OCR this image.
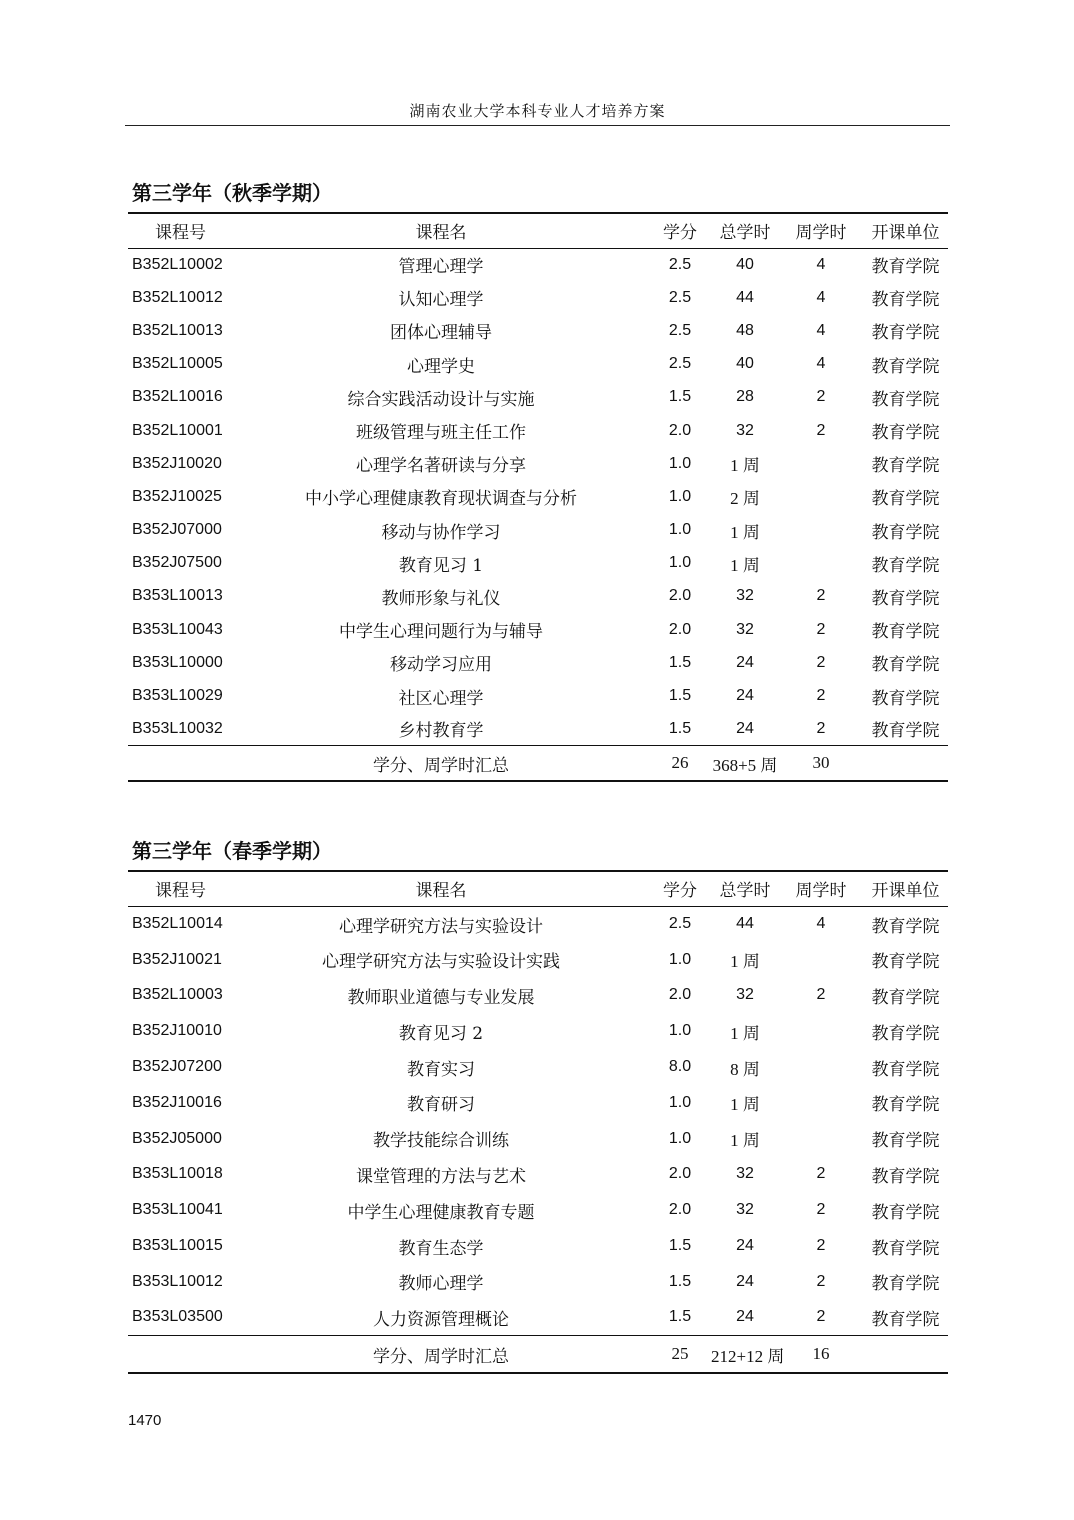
湖南农业大学本科专业人才培养方案
第三学年（秋季学期）
课程号	课程名	学分	总学时	周学时	开课单位
B352L10002	管理心理学	2.5	40	4	教育学院
B352L10012	认知心理学	2.5	44	4	教育学院
B352L10013	团体心理辅导	2.5	48	4	教育学院
B352L10005	心理学史	2.5	40	4	教育学院
B352L10016	综合实践活动设计与实施	1.5	28	2	教育学院
B352L10001	班级管理与班主任工作	2.0	32	2	教育学院
B352J10020	心理学名著研读与分享	1.0	1 周		教育学院
B352J10025	中小学心理健康教育现状调查与分析	1.0	2 周		教育学院
B352J07000	移动与协作学习	1.0	1 周		教育学院
B352J07500	教育见习 1	1.0	1 周		教育学院
B353L10013	教师形象与礼仪	2.0	32	2	教育学院
B353L10043	中学生心理问题行为与辅导	2.0	32	2	教育学院
B353L10000	移动学习应用	1.5	24	2	教育学院
B353L10029	社区心理学	1.5	24	2	教育学院
B353L10032	乡村教育学	1.5	24	2	教育学院
	学分、周学时汇总	26	368+5 周	30	
第三学年（春季学期）
课程号	课程名	学分	总学时	周学时	开课单位
B352L10014	心理学研究方法与实验设计	2.5	44	4	教育学院
B352J10021	心理学研究方法与实验设计实践	1.0	1 周		教育学院
B352L10003	教师职业道德与专业发展	2.0	32	2	教育学院
B352J10010	教育见习 2	1.0	1 周		教育学院
B352J07200	教育实习	8.0	8 周		教育学院
B352J10016	教育研习	1.0	1 周		教育学院
B352J05000	教学技能综合训练	1.0	1 周		教育学院
B353L10018	课堂管理的方法与艺术	2.0	32	2	教育学院
B353L10041	中学生心理健康教育专题	2.0	32	2	教育学院
B353L10015	教育生态学	1.5	24	2	教育学院
B353L10012	教师心理学	1.5	24	2	教育学院
B353L03500	人力资源管理概论	1.5	24	2	教育学院
	学分、周学时汇总	25	212+12 周	16	
1470
